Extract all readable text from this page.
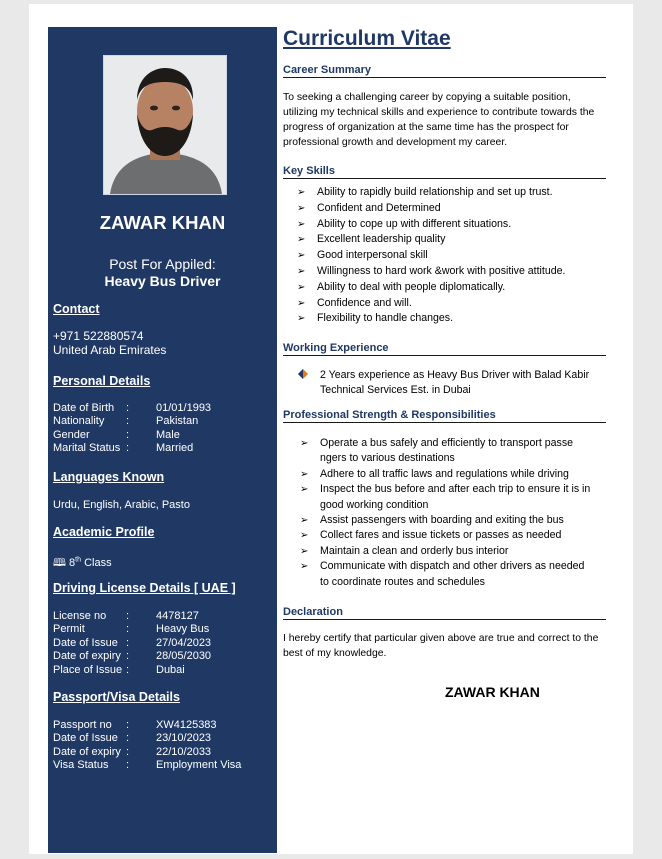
ZAWAR KHAN
Post For Appiled:
Heavy Bus Driver
Contact
+971 522880574
United Arab Emirates
Personal Details
Date of Birth : 01/01/1993
Nationality : Pakistan
Gender	: Male
Marital Status : Married
Languages Known
Urdu, English, Arabic, Pasto
Academic Profile
🕮 8th Class
Driving License Details [ UAE ]
License no : 4478127
Permit	: Heavy Bus
Date of Issue : 27/04/2023
Date of expiry : 28/05/2030
Place of Issue : Dubai
Passport/Visa Details
Passport no : XW4125383
Date of Issue : 23/10/2023
Date of expiry : 22/10/2033
Visa Status : Employment Visa
Curriculum Vitae
Career Summary
To seeking a challenging career by copying a suitable position, utilizing my technical skills and experience to contribute towards the progress of organization at the same time has the prospect for professional growth and development my career.
Key Skills
➢ Ability to rapidly build relationship and set up trust.
➢ Confident and Determined
➢ Ability to cope up with different situations.
➢ Excellent leadership quality
➢ Good interpersonal skill
➢ Willingness to hard work &work with positive attitude.
➢ Ability to deal with people diplomatically.
➢ Confidence and will.
➢ Flexibility to handle changes.
Working Experience
2 Years experience as Heavy Bus Driver with Balad Kabir Technical Services Est. in Dubai
Professional Strength & Responsibilities
➢ Operate a bus safely and efficiently to transport passe ngers to various destinations
➢ Adhere to all traffic laws and regulations while driving
➢ Inspect the bus before and after each trip to ensure it is in good working condition
➢ Assist passengers with boarding and exiting the bus
➢ Collect fares and issue tickets or passes as needed
➢ Maintain a clean and orderly bus interior
➢ Communicate with dispatch and other drivers as needed to coordinate routes and schedules
Declaration
I hereby certify that particular given above are true and correct to the best of my knowledge.
ZAWAR KHAN
